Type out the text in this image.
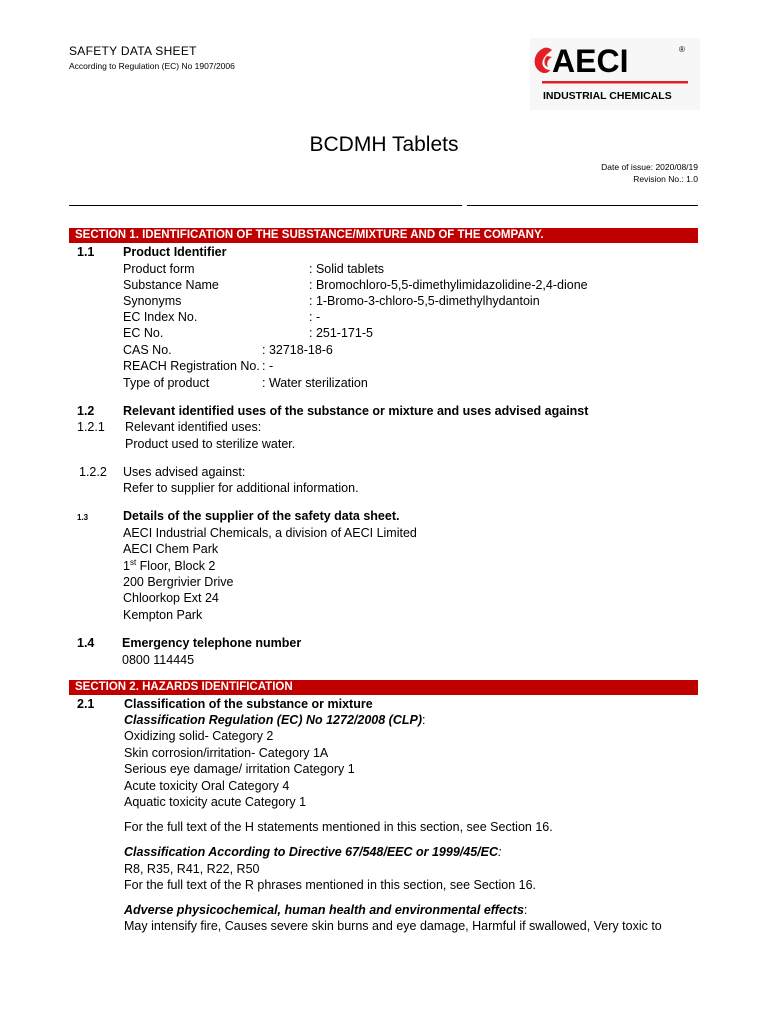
SAFETY DATA SHEET
According to Regulation (EC) No 1907/2006	AECI	®
INDUSTRIAL CHEMICALS
BCDMH Tablets
Date of issue: 2020/08/19
Revision No.: 1.0
SECTION 1. IDENTIFICATION OF THE SUBSTANCE/MIXTURE AND OF THE COMPANY.
1.1 Product Identifier
Product form	: Solid tablets
Substance Name	: Bromochloro-5,5-dimethylimidazolidine-2,4-dione
Synonyms	: 1-Bromo-3-chloro-5,5-dimethylhydantoin
EC Index No.	: -
EC No.	: 251-171-5
CAS No.	: 32718-18-6
REACH Registration No. : -
Type of product	: Water sterilization
1.2 Relevant identified uses of the substance or mixture and uses advised against
1.2.1 Relevant identified uses:
Product used to sterilize water.
1.2.2 Uses advised against:
Refer to supplier for additional information.
1.3	Details of the supplier of the safety data sheet.
AECI Industrial Chemicals, a division of AECI Limited
AECI Chem Park
1st Floor, Block 2
200 Bergrivier Drive
Chloorkop Ext 24
Kempton Park
1.4 Emergency telephone number
0800 114445
SECTION 2. HAZARDS IDENTIFICATION
2.1 Classification of the substance or mixture
Classification Regulation (EC) No 1272/2008 (CLP):
Oxidizing solid- Category 2
Skin corrosion/irritation- Category 1A
Serious eye damage/ irritation Category 1
Acute toxicity Oral Category 4
Aquatic toxicity acute Category 1
For the full text of the H statements mentioned in this section, see Section 16.
Classification According to Directive 67/548/EEC or 1999/45/EC:
R8, R35, R41, R22, R50
For the full text of the R phrases mentioned in this section, see Section 16.
Adverse physicochemical, human health and environmental effects:
May intensify fire, Causes severe skin burns and eye damage, Harmful if swallowed, Very toxic to
